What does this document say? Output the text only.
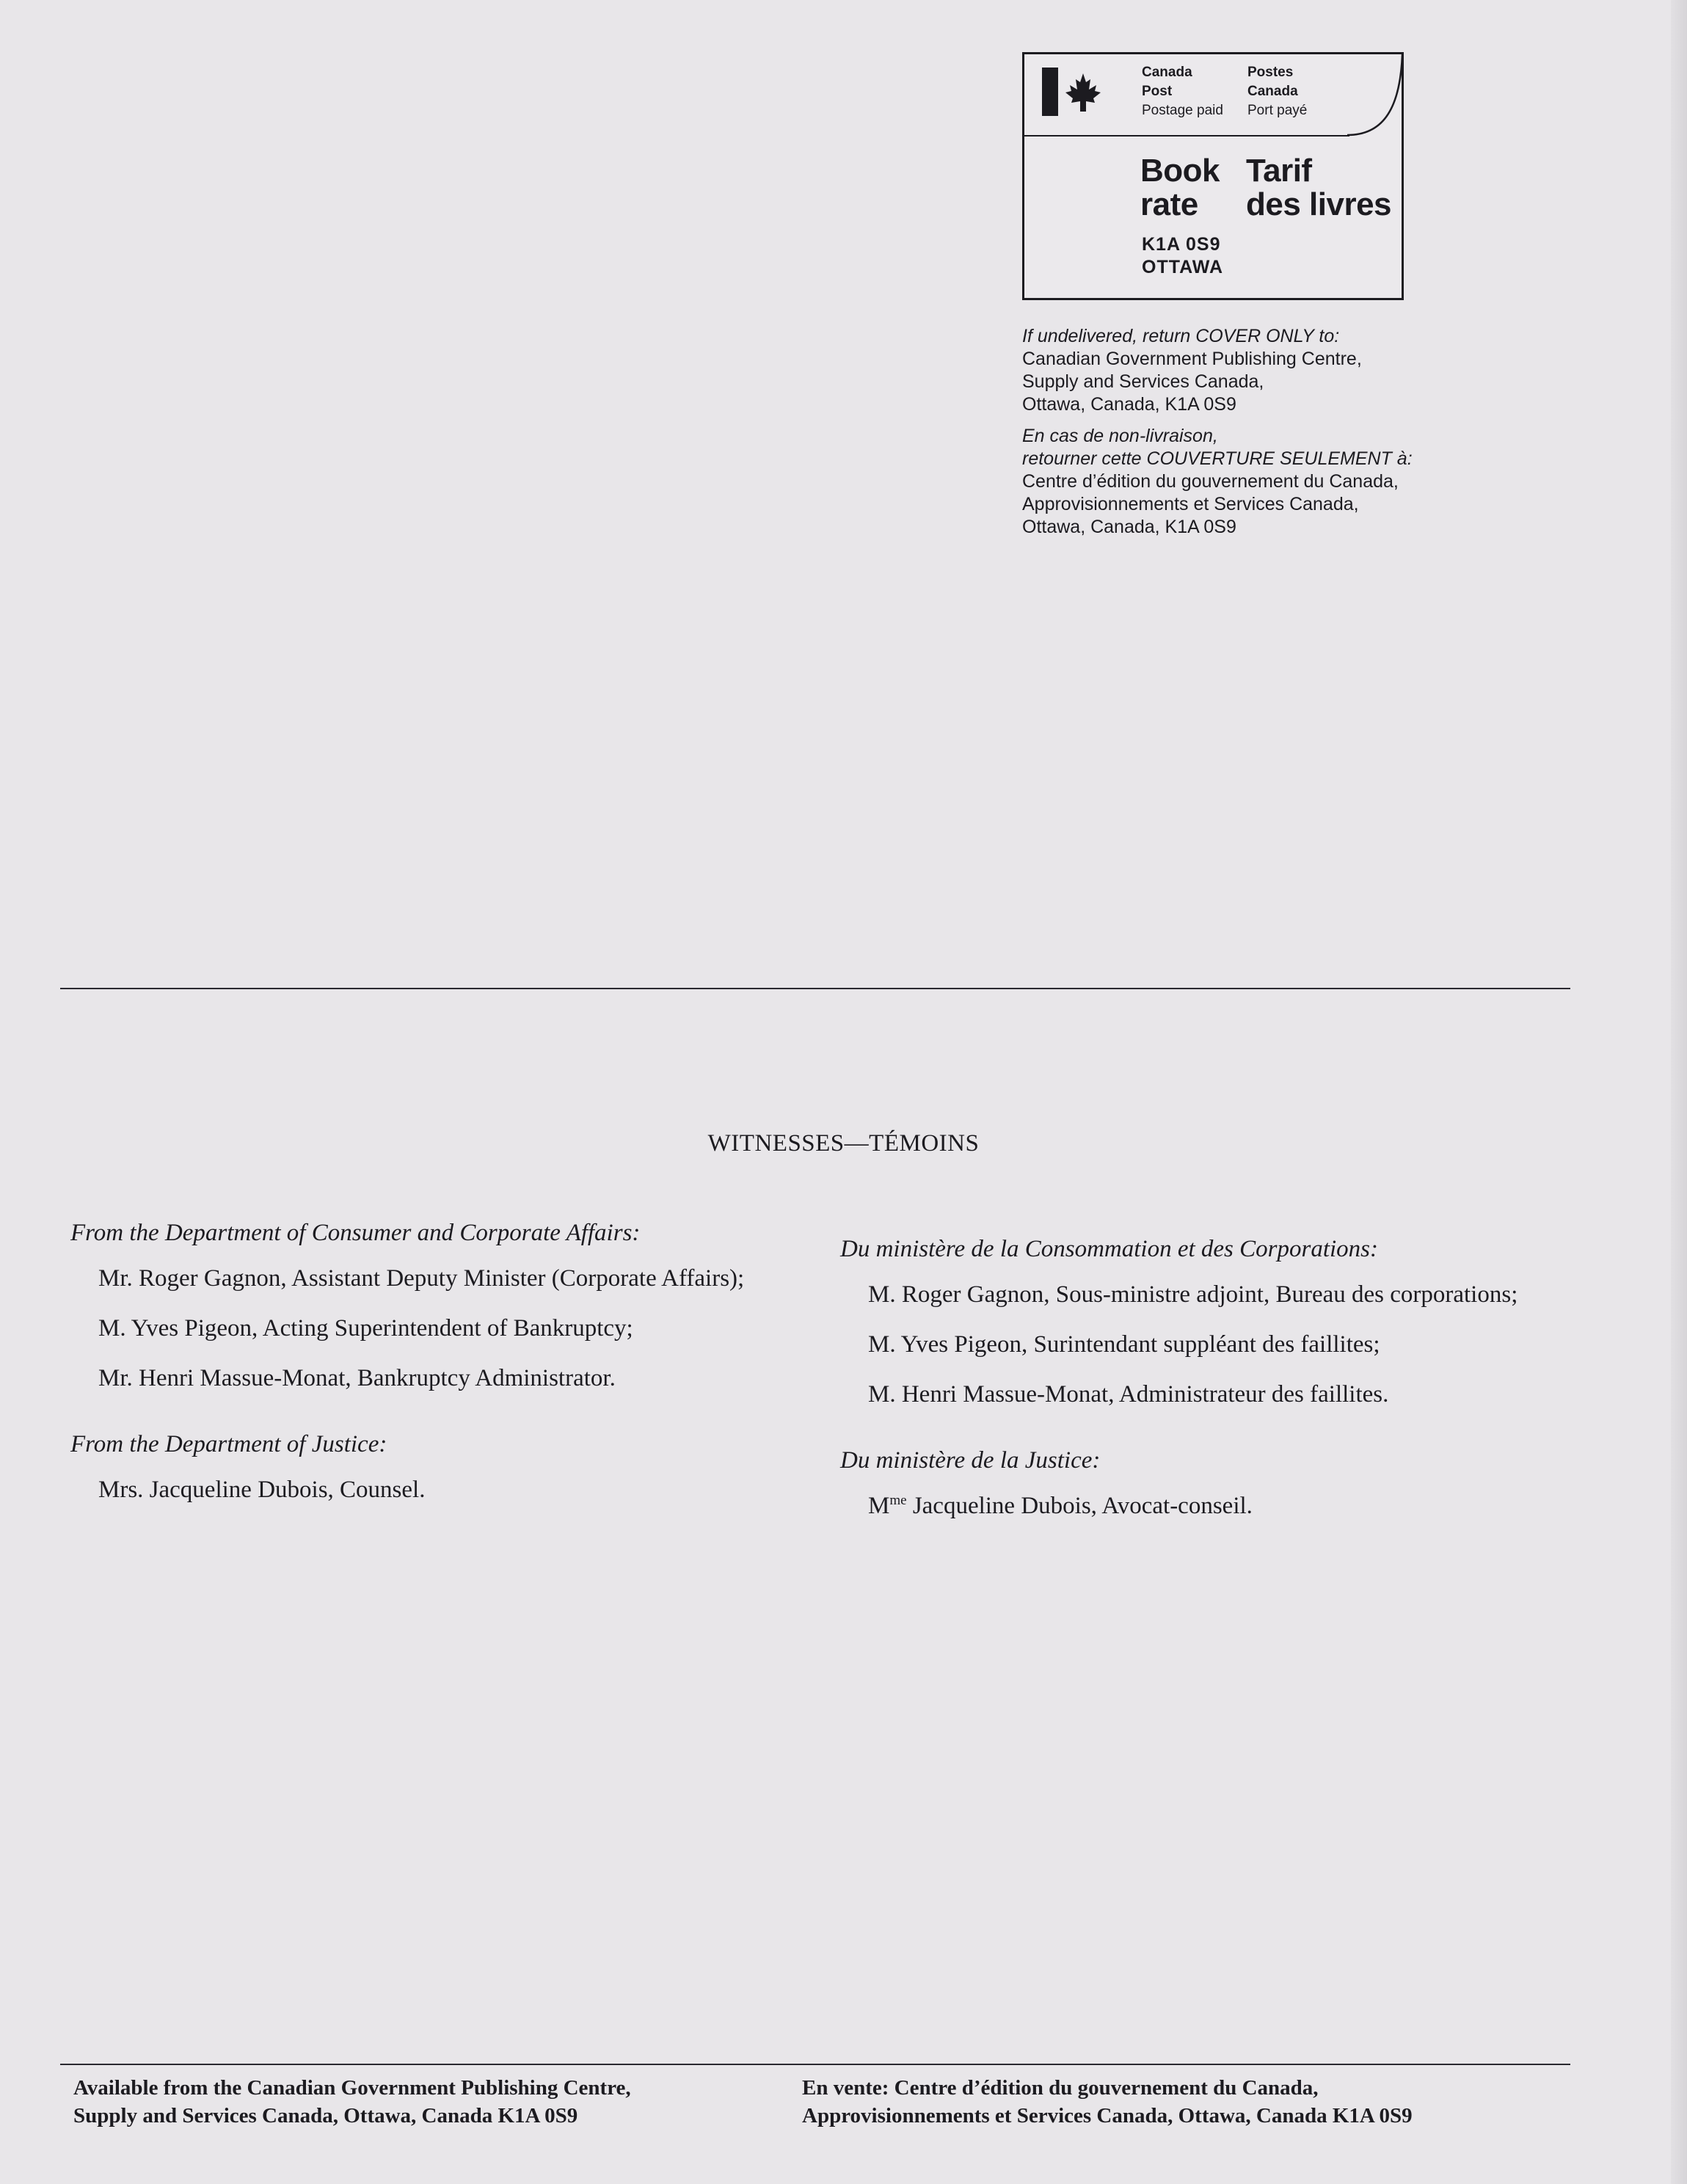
Canada
Post
Postage paid
Postes
Canada
Port payé
Book
rate
Tarif
des livres
K1A 0S9
OTTAWA
If undelivered, return COVER ONLY to:
Canadian Government Publishing Centre,
Supply and Services Canada,
Ottawa, Canada, K1A 0S9
En cas de non-livraison,
retourner cette COUVERTURE SEULEMENT à:
Centre d’édition du gouvernement du Canada,
Approvisionnements et Services Canada,
Ottawa, Canada, K1A 0S9
WITNESSES—TÉMOINS

From the Department of Consumer and Corporate Affairs:

Mr. Roger Gagnon, Assistant Deputy Minister (Corporate Affairs);

M. Yves Pigeon, Acting Superintendent of Bankruptcy;

Mr. Henri Massue-Monat, Bankruptcy Administrator.

From the Department of Justice:

Mrs. Jacqueline Dubois, Counsel.

Du ministère de la Consommation et des Corporations:

M. Roger Gagnon, Sous-ministre adjoint, Bureau des corporations;

M. Yves Pigeon, Surintendant suppléant des faillites;

M. Henri Massue-Monat, Administrateur des faillites.

Du ministère de la Justice:

$M^{me}$ Jacqueline Dubois, Avocat-conseil.

Available from the Canadian Government Publishing Centre,
Supply and Services Canada, Ottawa, Canada K1A 0S9
En vente: Centre d’édition du gouvernement du Canada,
Approvisionnements et Services Canada, Ottawa, Canada K1A 0S9
